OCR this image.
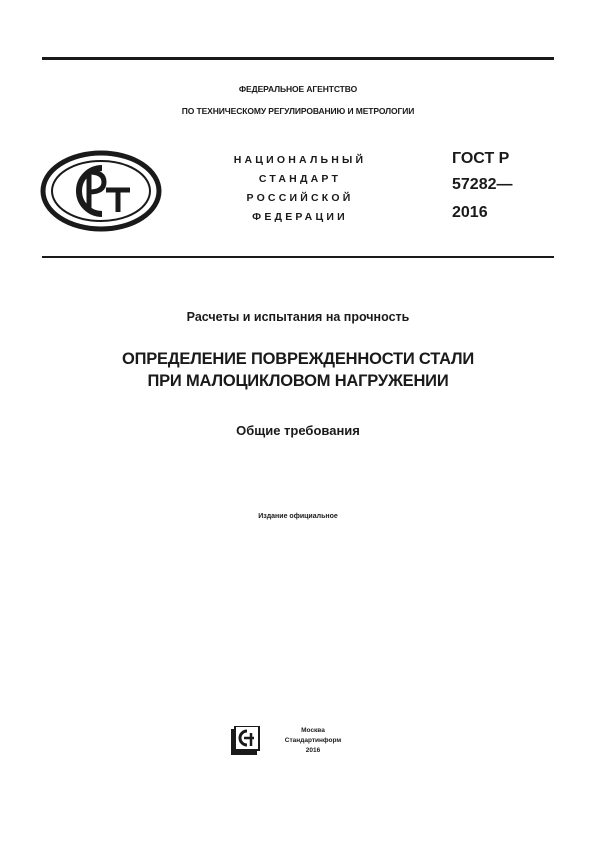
ФЕДЕРАЛЬНОЕ АГЕНТСТВО
ПО ТЕХНИЧЕСКОМУ РЕГУЛИРОВАНИЮ И МЕТРОЛОГИИ
НАЦИОНАЛЬНЫЙ
СТАНДАРТ
РОССИЙСКОЙ
ФЕДЕРАЦИИ
ГОСТ Р
57282—
2016
Расчеты и испытания на прочность
ОПРЕДЕЛЕНИЕ ПОВРЕЖДЕННОСТИ СТАЛИ
ПРИ МАЛОЦИКЛОВОМ НАГРУЖЕНИИ
Общие требования
Издание официальное
Москва
Стандартинформ
2016
